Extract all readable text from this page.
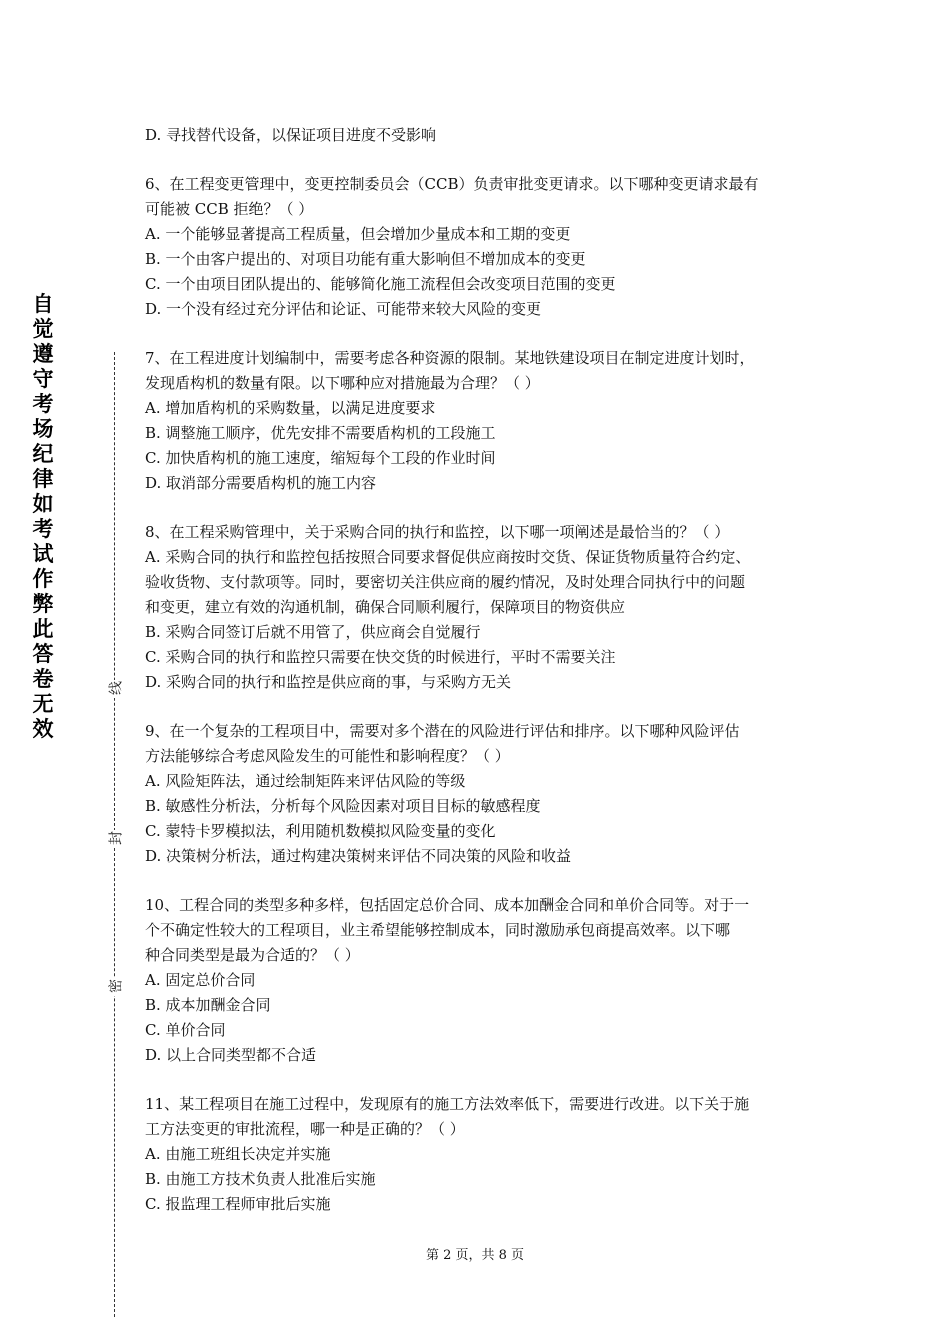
自觉遵守考场纪律如考试作弊此答卷无效
线
封
密
D. 寻找替代设备，以保证项目进度不受影响
6、在工程变更管理中，变更控制委员会（CCB）负责审批变更请求。以下哪种变更请求最有
可能被 CCB 拒绝？（ ）
A. 一个能够显著提高工程质量，但会增加少量成本和工期的变更
B. 一个由客户提出的、对项目功能有重大影响但不增加成本的变更
C. 一个由项目团队提出的、能够简化施工流程但会改变项目范围的变更
D. 一个没有经过充分评估和论证、可能带来较大风险的变更
7、在工程进度计划编制中，需要考虑各种资源的限制。某地铁建设项目在制定进度计划时，
发现盾构机的数量有限。以下哪种应对措施最为合理？（ ）
A. 增加盾构机的采购数量，以满足进度要求
B. 调整施工顺序，优先安排不需要盾构机的工段施工
C. 加快盾构机的施工速度，缩短每个工段的作业时间
D. 取消部分需要盾构机的施工内容
8、在工程采购管理中，关于采购合同的执行和监控，以下哪一项阐述是最恰当的？（ ）
A. 采购合同的执行和监控包括按照合同要求督促供应商按时交货、保证货物质量符合约定、
验收货物、支付款项等。同时，要密切关注供应商的履约情况，及时处理合同执行中的问题
和变更，建立有效的沟通机制，确保合同顺利履行，保障项目的物资供应
B. 采购合同签订后就不用管了，供应商会自觉履行
C. 采购合同的执行和监控只需要在快交货的时候进行，平时不需要关注
D. 采购合同的执行和监控是供应商的事，与采购方无关
9、在一个复杂的工程项目中，需要对多个潜在的风险进行评估和排序。以下哪种风险评估
方法能够综合考虑风险发生的可能性和影响程度？（ ）
A. 风险矩阵法，通过绘制矩阵来评估风险的等级
B. 敏感性分析法，分析每个风险因素对项目目标的敏感程度
C. 蒙特卡罗模拟法，利用随机数模拟风险变量的变化
D. 决策树分析法，通过构建决策树来评估不同决策的风险和收益
10、工程合同的类型多种多样，包括固定总价合同、成本加酬金合同和单价合同等。对于一
个不确定性较大的工程项目，业主希望能够控制成本，同时激励承包商提高效率。以下哪
种合同类型是最为合适的？（ ）
A. 固定总价合同
B. 成本加酬金合同
C. 单价合同
D. 以上合同类型都不合适
11、某工程项目在施工过程中，发现原有的施工方法效率低下，需要进行改进。以下关于施
工方法变更的审批流程，哪一种是正确的？（ ）
A. 由施工班组长决定并实施
B. 由施工方技术负责人批准后实施
C. 报监理工程师审批后实施
第 2 页，共 8 页
